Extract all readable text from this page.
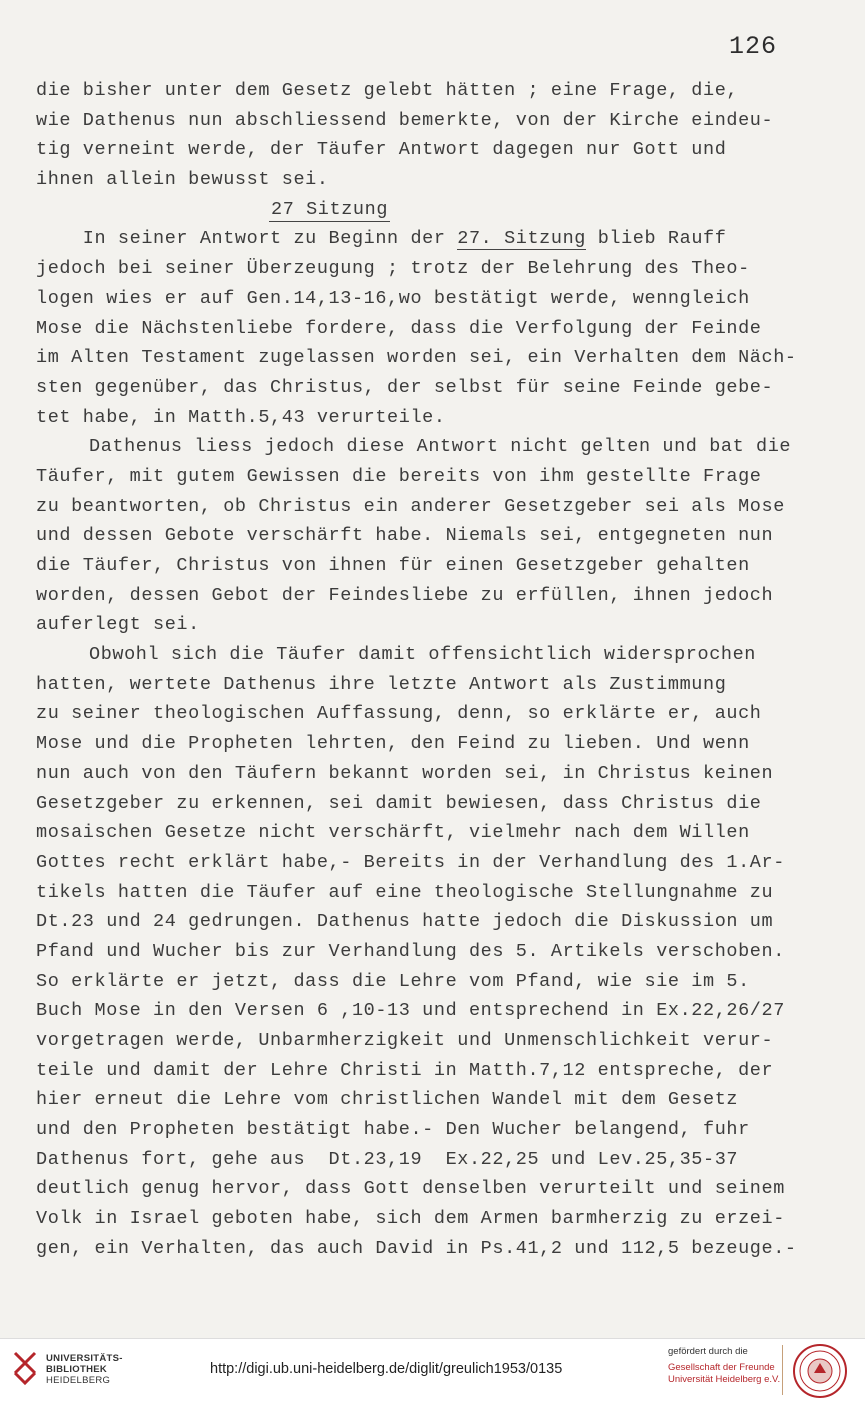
126
die bisher unter dem Gesetz gelebt hätten ; eine Frage, die,
wie Dathenus nun abschliessend bemerkte, von der Kirche eindeu-
tig verneint werde, der Täufer Antwort dagegen nur Gott und
ihnen allein bewusst sei.
27 Sitzung
In seiner Antwort zu Beginn der 27. Sitzung blieb Rauff
jedoch bei seiner Überzeugung ; trotz der Belehrung des Theo-
logen wies er auf Gen.14,13-16,wo bestätigt werde, wenngleich
Mose die Nächstenliebe fordere, dass die Verfolgung der Feinde
im Alten Testament zugelassen worden sei, ein Verhalten dem Näch-
sten gegenüber, das Christus, der selbst für seine Feinde gebe-
tet habe, in Matth.5,43 verurteile.
Dathenus liess jedoch diese Antwort nicht gelten und bat die
Täufer, mit gutem Gewissen die bereits von ihm gestellte Frage
zu beantworten, ob Christus ein anderer Gesetzgeber sei als Mose
und dessen Gebote verschärft habe. Niemals sei, entgegneten nun
die Täufer, Christus von ihnen für einen Gesetzgeber gehalten
worden, dessen Gebot der Feindesliebe zu erfüllen, ihnen jedoch
auferlegt sei.
Obwohl sich die Täufer damit offensichtlich widersprochen
hatten, wertete Dathenus ihre letzte Antwort als Zustimmung
zu seiner theologischen Auffassung, denn, so erklärte er, auch
Mose und die Propheten lehrten, den Feind zu lieben. Und wenn
nun auch von den Täufern bekannt worden sei, in Christus keinen
Gesetzgeber zu erkennen, sei damit bewiesen, dass Christus die
mosaischen Gesetze nicht verschärft, vielmehr nach dem Willen
Gottes recht erklärt habe,- Bereits in der Verhandlung des 1.Ar-
tikels hatten die Täufer auf eine theologische Stellungnahme zu
Dt.23 und 24 gedrungen. Dathenus hatte jedoch die Diskussion um
Pfand und Wucher bis zur Verhandlung des 5. Artikels verschoben.
So erklärte er jetzt, dass die Lehre vom Pfand, wie sie im 5.
Buch Mose in den Versen 6 ,10-13 und entsprechend in Ex.22,26/27
vorgetragen werde, Unbarmherzigkeit und Unmenschlichkeit verur-
teile und damit der Lehre Christi in Matth.7,12 entspreche, der
hier erneut die Lehre vom christlichen Wandel mit dem Gesetz
und den Propheten bestätigt habe.- Den Wucher belangend, fuhr
Dathenus fort, gehe aus  Dt.23,19  Ex.22,25 und Lev.25,35-37
deutlich genug hervor, dass Gott denselben verurteilt und seinem
Volk in Israel geboten habe, sich dem Armen barmherzig zu erzei-
gen, ein Verhalten, das auch David in Ps.41,2 und 112,5 bezeuge.-
UNIVERSITÄTS-
BIBLIOTHEK
HEIDELBERG
http://digi.ub.uni-heidelberg.de/diglit/greulich1953/0135
gefördert durch die
Gesellschaft der Freunde
Universität Heidelberg e.V.
